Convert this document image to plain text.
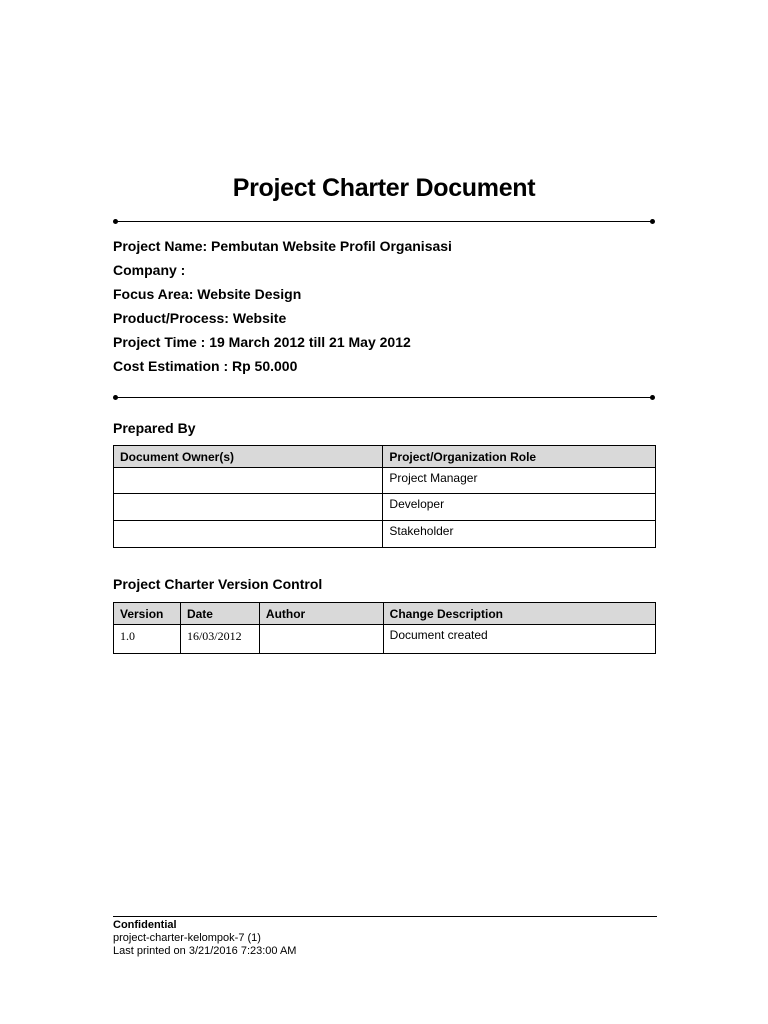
Project Charter Document
Project Name: Pembutan Website Profil Organisasi
Company :
Focus Area: Website Design
Product/Process: Website
Project Time : 19 March 2012 till 21 May 2012
Cost Estimation : Rp 50.000
Prepared By
Document Owner(s)	Project/Organization Role
	Project Manager
	Developer
	Stakeholder
Project Charter Version Control
Version	Date	Author	Change Description
1.0	16/03/2012		Document created
Confidential
project-charter-kelompok-7 (1)
Last printed on 3/21/2016 7:23:00 AM
